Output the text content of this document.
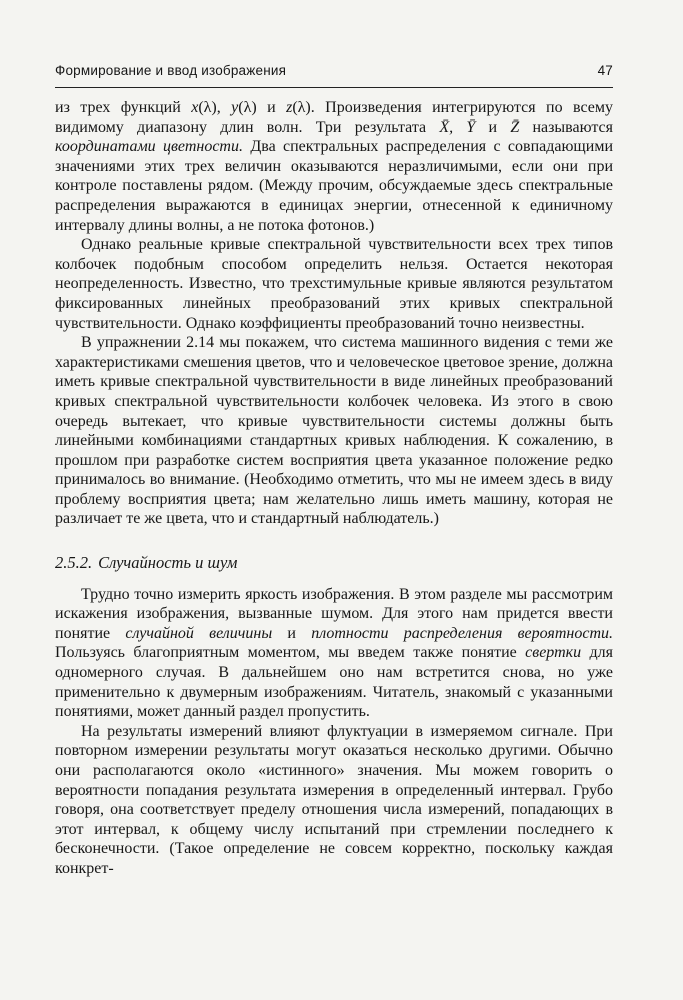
Формирование и ввод изображения	47

из трех функций x(λ), y(λ) и z(λ). Произведения интегрируются по всему видимому диапазону длин волн. Три результата X̄, Ȳ и Z̄ называются координатами цветности. Два спектральных распределения с совпадающими значениями этих трех величин оказываются неразличимыми, если они при контроле поставлены рядом. (Между прочим, обсуждаемые здесь спектральные распределения выражаются в единицах энергии, отнесенной к единичному интервалу длины волны, а не потока фотонов.)

Однако реальные кривые спектральной чувствительности всех трех типов колбочек подобным способом определить нельзя. Остается некоторая неопределенность. Известно, что трехстимульные кривые являются результатом фиксированных линейных преобразований этих кривых спектральной чувствительности. Однако коэффициенты преобразований точно неизвестны.

В упражнении 2.14 мы покажем, что система машинного видения с теми же характеристиками смешения цветов, что и человеческое цветовое зрение, должна иметь кривые спектральной чувствительности в виде линейных преобразований кривых спектральной чувствительности колбочек человека. Из этого в свою очередь вытекает, что кривые чувствительности системы должны быть линейными комбинациями стандартных кривых наблюдения. К сожалению, в прошлом при разработке систем восприятия цвета указанное положение редко принималось во внимание. (Необходимо отметить, что мы не имеем здесь в виду проблему восприятия цвета; нам желательно лишь иметь машину, которая не различает те же цвета, что и стандартный наблюдатель.)

2.5.2. Случайность и шум

Трудно точно измерить яркость изображения. В этом разделе мы рассмотрим искажения изображения, вызванные шумом. Для этого нам придется ввести понятие случайной величины и плотности распределения вероятности. Пользуясь благоприятным моментом, мы введем также понятие свертки для одномерного случая. В дальнейшем оно нам встретится снова, но уже применительно к двумерным изображениям. Читатель, знакомый с указанными понятиями, может данный раздел пропустить.

На результаты измерений влияют флуктуации в измеряемом сигнале. При повторном измерении результаты могут оказаться несколько другими. Обычно они располагаются около «истинного» значения. Мы можем говорить о вероятности попадания результата измерения в определенный интервал. Грубо говоря, она соответствует пределу отношения числа измерений, попадающих в этот интервал, к общему числу испытаний при стремлении последнего к бесконечности. (Такое определение не совсем корректно, поскольку каждая конкрет-
